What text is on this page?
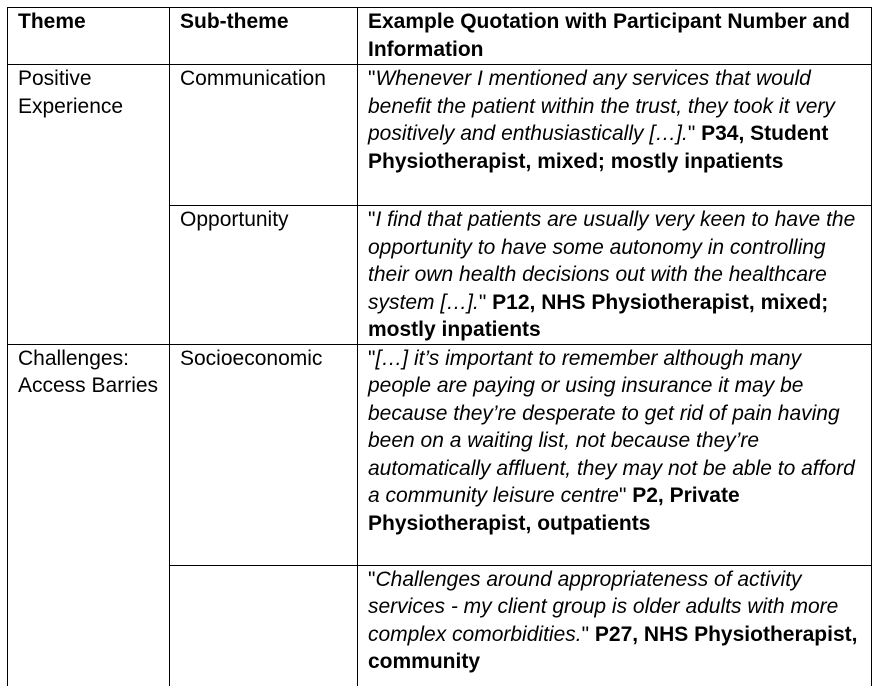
Theme	Sub-theme	Example Quotation with Participant Number and Information
Positive Experience	Communication	"Whenever I mentioned any services that would benefit the patient within the trust, they took it very positively and enthusiastically […]." P34, Student Physiotherapist, mixed; mostly inpatients
	Opportunity	"I find that patients are usually very keen to have the opportunity to have some autonomy in controlling their own health decisions out with the healthcare system […]." P12, NHS Physiotherapist, mixed; mostly inpatients
Challenges: Access Barries	Socioeconomic	"[…] it’s important to remember although many people are paying or using insurance it may be because they’re desperate to get rid of pain having been on a waiting list, not because they’re automatically affluent, they may not be able to afford a community leisure centre" P2, Private Physiotherapist, outpatients
		"Challenges around appropriateness of activity services - my client group is older adults with more complex comorbidities." P27, NHS Physiotherapist, community
